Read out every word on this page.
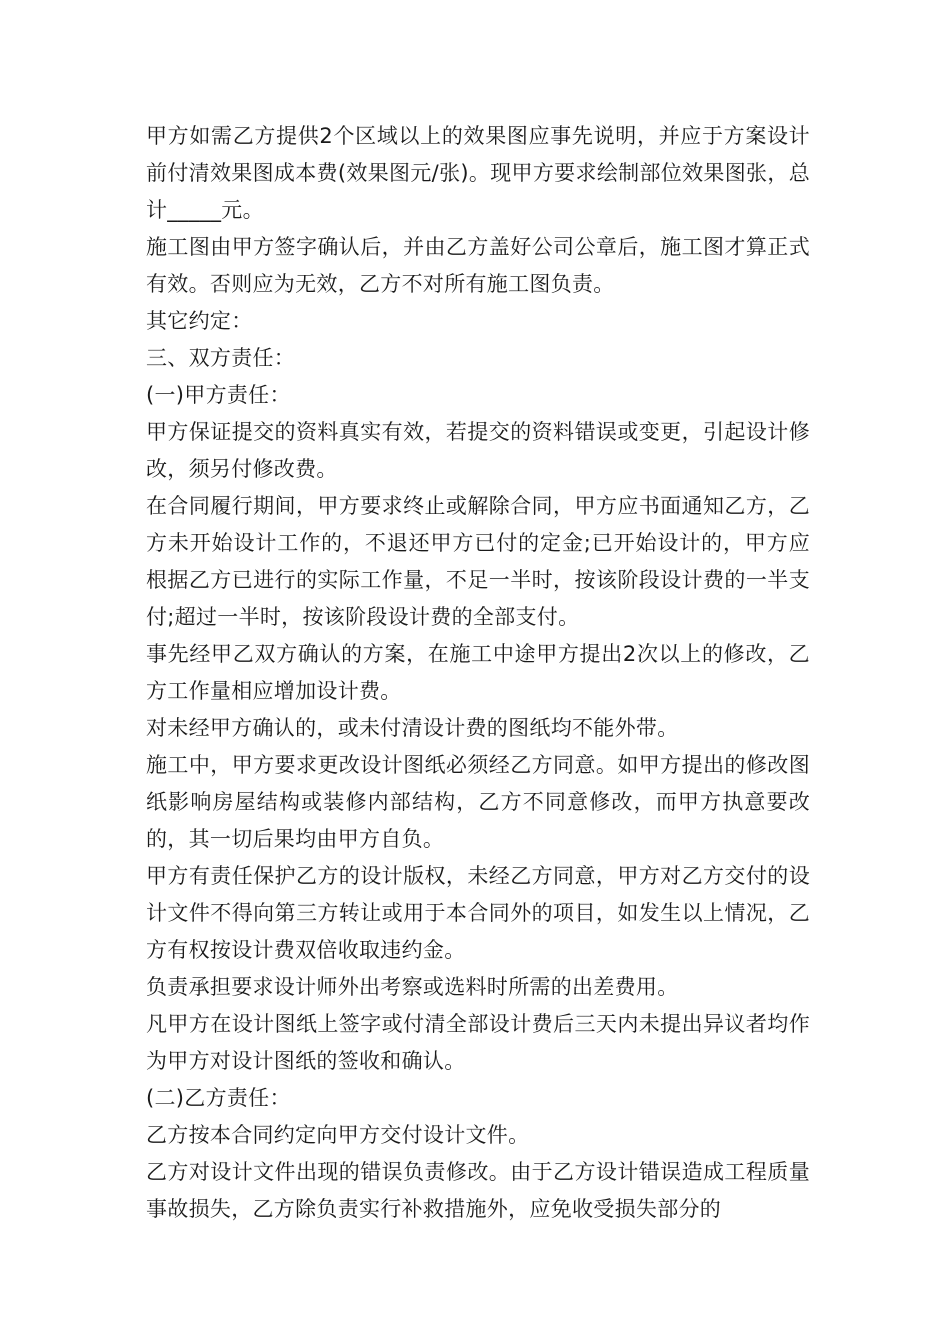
甲方如需乙方提供2个区域以上的效果图应事先说明，并应于方案设计前付清效果图成本费(效果图元/张)。现甲方要求绘制部位效果图张，总计_____元。

施工图由甲方签字确认后，并由乙方盖好公司公章后，施工图才算正式有效。否则应为无效，乙方不对所有施工图负责。

其它约定：

三、双方责任：

(一)甲方责任：

甲方保证提交的资料真实有效，若提交的资料错误或变更，引起设计修改，须另付修改费。

在合同履行期间，甲方要求终止或解除合同，甲方应书面通知乙方，乙方未开始设计工作的，不退还甲方已付的定金;已开始设计的，甲方应根据乙方已进行的实际工作量，不足一半时，按该阶段设计费的一半支付;超过一半时，按该阶段设计费的全部支付。

事先经甲乙双方确认的方案，在施工中途甲方提出2次以上的修改，乙方工作量相应增加设计费。

对未经甲方确认的，或未付清设计费的图纸均不能外带。

施工中，甲方要求更改设计图纸必须经乙方同意。如甲方提出的修改图纸影响房屋结构或装修内部结构，乙方不同意修改，而甲方执意要改的，其一切后果均由甲方自负。

甲方有责任保护乙方的设计版权，未经乙方同意，甲方对乙方交付的设计文件不得向第三方转让或用于本合同外的项目，如发生以上情况，乙方有权按设计费双倍收取违约金。

负责承担要求设计师外出考察或选料时所需的出差费用。

凡甲方在设计图纸上签字或付清全部设计费后三天内未提出异议者均作为甲方对设计图纸的签收和确认。

(二)乙方责任：

乙方按本合同约定向甲方交付设计文件。

乙方对设计文件出现的错误负责修改。由于乙方设计错误造成工程质量事故损失，乙方除负责实行补救措施外，应免收受损失部分的
